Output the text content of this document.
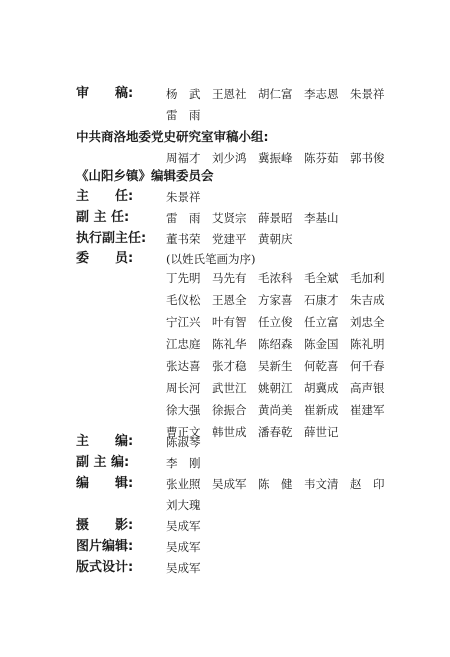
审　　稿:	杨　武　王恩社　胡仁富　李志恩　朱景祥
雷　雨
中共商洛地委党史研究室审稿小组:
周福才　刘少鸿　冀振峰　陈芬茹　郭书俊
《山阳乡镇》编辑委员会
主　　任:	朱景祥
副 主 任:	雷　雨　艾贤宗　薛景昭　李基山
执行副主任: 董书荣　党建平　黄朝庆
委　　员:	(以姓氏笔画为序)
丁先明	马先有	毛浓科	毛全斌	毛加利
毛仪松	王恩全	方家喜	石康才	朱吉成
宁江兴	叶有智	任立俊	任立富	刘忠全
江忠庭	陈礼华	陈绍森	陈金国	陈礼明
张达喜	张才稳	吴新生	何乾喜	何千春
周长河	武世江	姚朝江	胡冀成	高声银
徐大强	徐振合	黄尚美	崔新成	崔建军
曹正文	韩世成	潘春乾	薛世记
主　　编:	陈淑琴
副 主 编:	李　刚
编　　辑:	张业照　吴成军　陈　健　韦文清　赵　印
刘大瑰
摄　　影:	吴成军
图片编辑:	吴成军
版式设计:	吴成军
